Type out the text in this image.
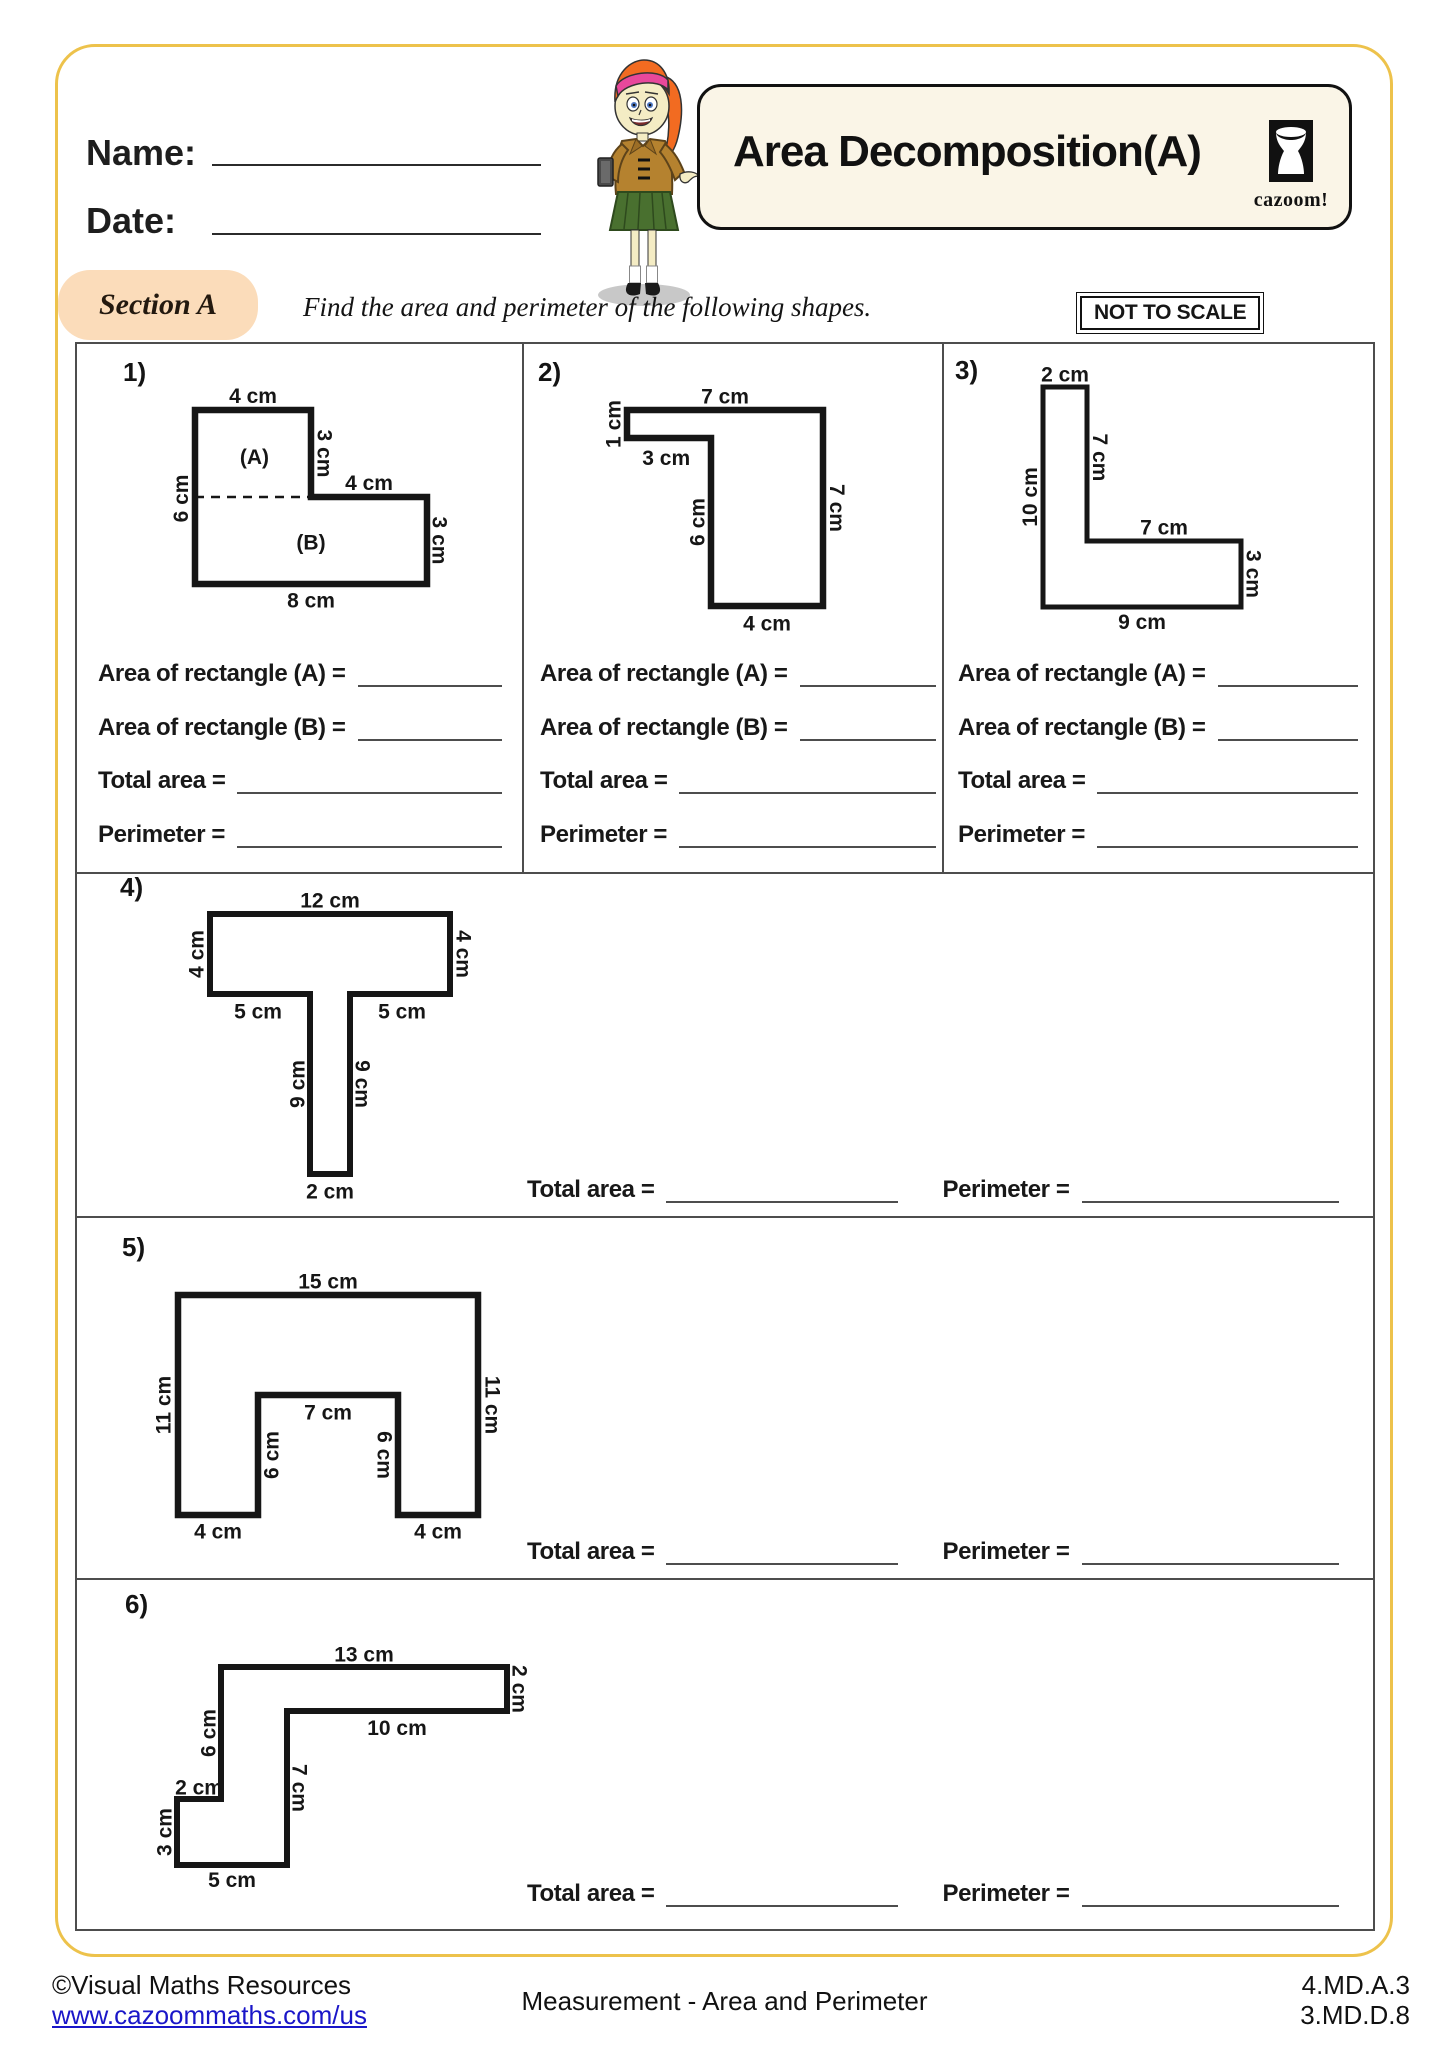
Name:
Date:
Area Decomposition(A)
cazoom!
Section A	Find the area and perimeter of the following shapes.	NOT TO SCALE
1)	2)	3)
4)
5)
6)
4 cm
3 cm
(A)
4 cm
6 cm
(B)	3 cm
8 cm
7 cm
1 cm
3 cm
6 cm	7 cm
4 cm
2 cm
7 cm
10 cm
7 cm
3 cm
9 cm
12 cm
4 cm	4 cm
5 cm	5 cm
9 cm 9 cm
2 cm
15 cm
11 cm	11 cm
7 cm
6 cm	6 cm
4 cm	4 cm
13 cm
2 cm
10 cm
6 cm
7 cm
2 cm
3 cm
5 cm
Area of rectangle (A) =
Area of rectangle (B) =
Total area =
Perimeter =
Area of rectangle (A) =
Area of rectangle (B) =
Total area =
Perimeter =
Area of rectangle (A) =
Area of rectangle (B) =
Total area =
Perimeter =
Total area =	Perimeter =
Total area =	Perimeter =
Total area =	Perimeter =
©Visual Maths Resources
www.cazoommaths.com/us	Measurement - Area and Perimeter
4.MD.A.3
3.MD.D.8
